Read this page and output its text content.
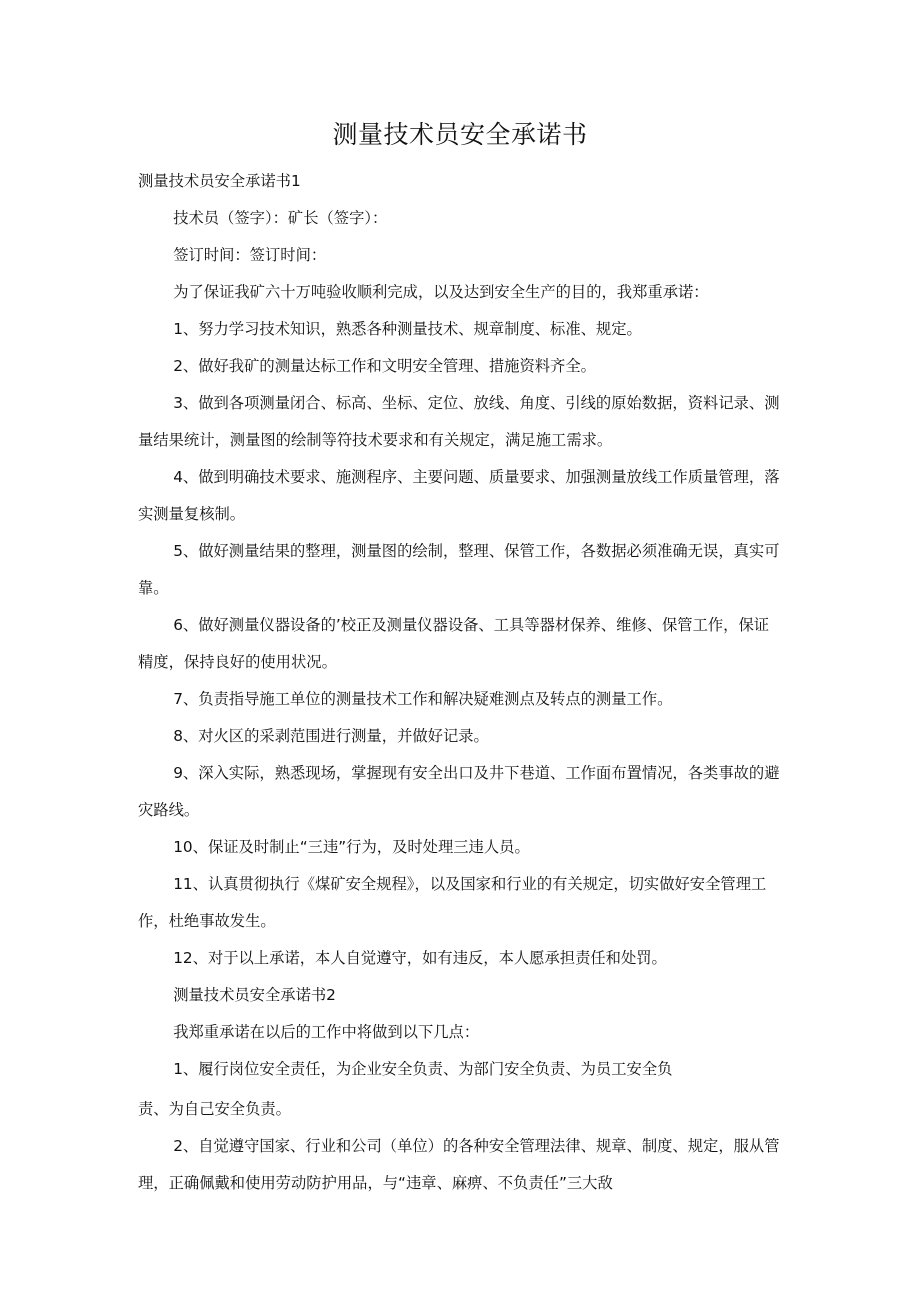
测量技术员安全承诺书

测量技术员安全承诺书1

技术员（签字）：矿长（签字）：

签订时间：签订时间：

为了保证我矿六十万吨验收顺利完成，以及达到安全生产的目的，我郑重承诺：

1、努力学习技术知识，熟悉各种测量技术、规章制度、标准、规定。

2、做好我矿的测量达标工作和文明安全管理、措施资料齐全。

3、做到各项测量闭合、标高、坐标、定位、放线、角度、引线的原始数据，资料记录、测量结果统计，测量图的绘制等符技术要求和有关规定，满足施工需求。

4、做到明确技术要求、施测程序、主要问题、质量要求、加强测量放线工作质量管理，落实测量复核制。

5、做好测量结果的整理，测量图的绘制，整理、保管工作，各数据必须准确无误，真实可靠。

6、做好测量仪器设备的’校正及测量仪器设备、工具等器材保养、维修、保管工作，保证精度，保持良好的使用状况。

7、负责指导施工单位的测量技术工作和解决疑难测点及转点的测量工作。

8、对火区的采剥范围进行测量，并做好记录。

9、深入实际，熟悉现场，掌握现有安全出口及井下巷道、工作面布置情况，各类事故的避灾路线。

10、保证及时制止“三违”行为，及时处理三违人员。

11、认真贯彻执行《煤矿安全规程》，以及国家和行业的有关规定，切实做好安全管理工作，杜绝事故发生。

12、对于以上承诺，本人自觉遵守，如有违反，本人愿承担责任和处罚。

测量技术员安全承诺书2

我郑重承诺在以后的工作中将做到以下几点：

1、履行岗位安全责任，为企业安全负责、为部门安全负责、为员工安全负

责、为自己安全负责。

2、自觉遵守国家、行业和公司（单位）的各种安全管理法律、规章、制度、规定，服从管理，正确佩戴和使用劳动防护用品，与“违章、麻痹、不负责任”三大敌
